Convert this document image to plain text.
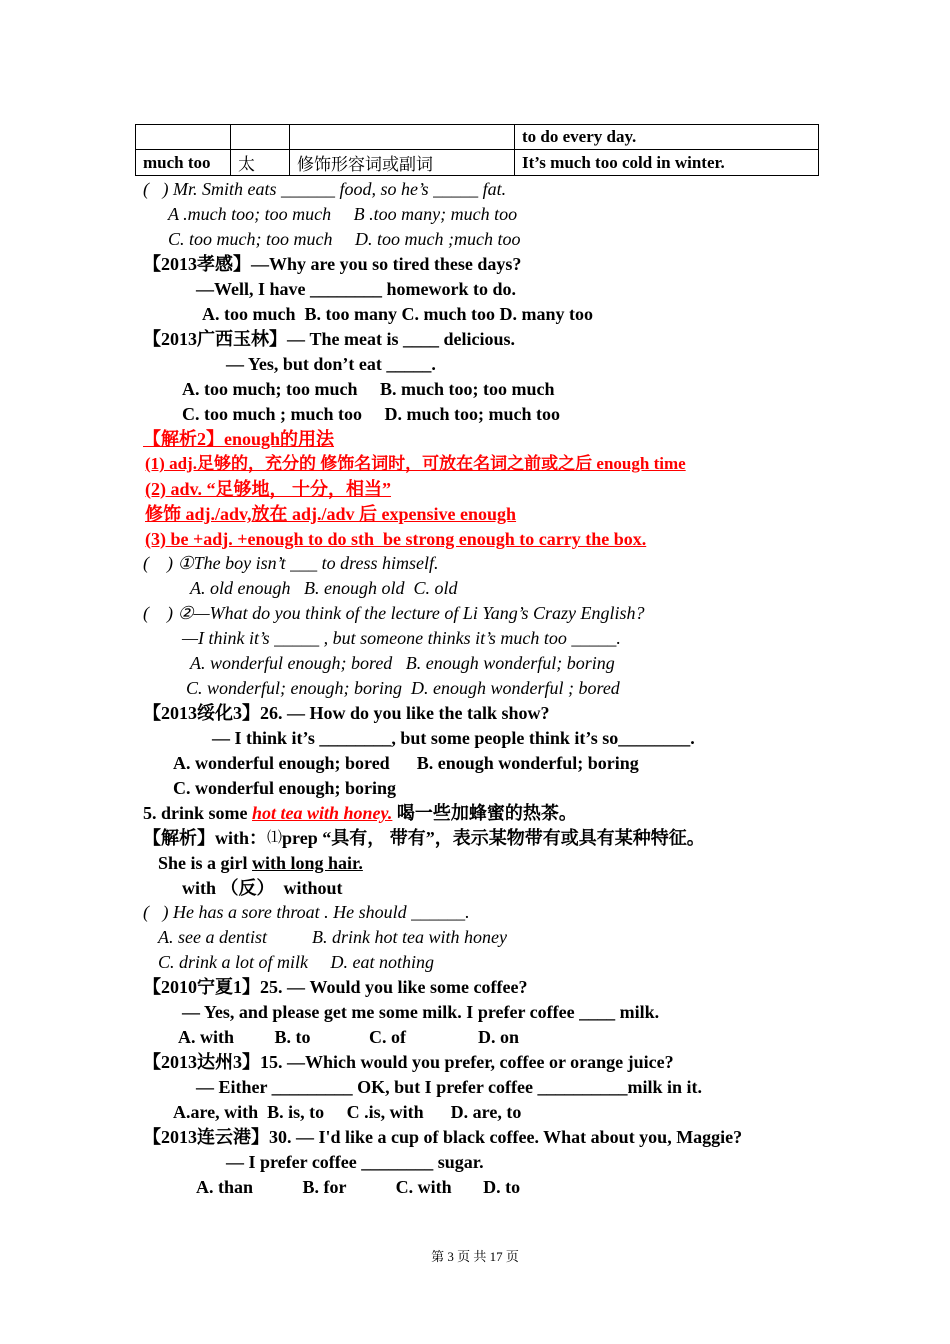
			to do every day.
much too	太	修饰形容词或副词	It’s much too cold in winter.
(   ) Mr. Smith eats ______ food, so he’s _____ fat.
A .much too; too much     B .too many; much too
C. too much; too much     D. too much ;much too
【2013孝感】—Why are you so tired these days?
—Well, I have ________ homework to do.
A. too much  B. too many C. much too D. many too
【2013广西玉林】— The meat is ____ delicious.
— Yes, but don’t eat _____.
A. too much; too much     B. much too; too much
C. too much ; much too     D. much too; much too
【解析2】enough的用法
(1) adj.足够的，充分的 修饰名词时，可放在名词之前或之后 enough time
(2) adv. “足够地， 十分，相当”
修饰 adj./adv,放在 adj./adv 后 expensive enough
(3) be +adj. +enough to do sth  be strong enough to carry the box.
(    ) ①The boy isn’t ___ to dress himself.
A. old enough   B. enough old  C. old
(    ) ②—What do you think of the lecture of Li Yang’s Crazy English?
—I think it’s _____ , but someone thinks it’s much too _____.
A. wonderful enough; bored   B. enough wonderful; boring
C. wonderful; enough; boring  D. enough wonderful ; bored
【2013绥化3】26. — How do you like the talk show?
— I think it’s ________, but some people think it’s so________.
A. wonderful enough; bored      B. enough wonderful; boring
C. wonderful enough; boring
5. drink some hot tea with honey. 喝一些加蜂蜜的热茶。
【解析】with：⑴prep “具有， 带有”，表示某物带有或具有某种特征。
She is a girl with long hair.
with （反）  without
(   ) He has a sore throat . He should ______.
A. see a dentist          B. drink hot tea with honey
C. drink a lot of milk     D. eat nothing
【2010宁夏1】25. — Would you like some coffee?
— Yes, and please get me some milk. I prefer coffee ____ milk.
A. with         B. to             C. of                D. on
【2013达州3】15. —Which would you prefer, coffee or orange juice?
— Either _________ OK, but I prefer coffee __________milk in it.
A.are, with  B. is, to     C .is, with      D. are, to
【2013连云港】30. — I'd like a cup of black coffee. What about you, Maggie?
— I prefer coffee ________ sugar.
A. than           B. for           C. with       D. to
第 3 页 共 17 页
